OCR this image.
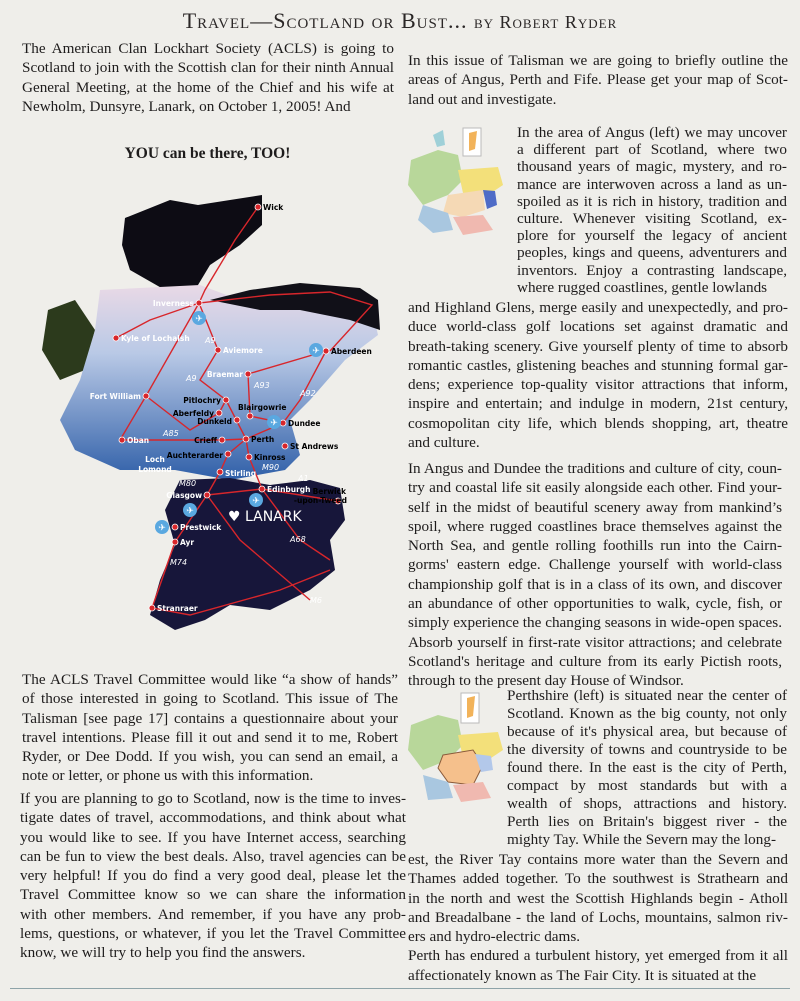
Travel—Scotland or Bust... by Robert Ryder
The American Clan Lockhart Society (ACLS) is going to
Scotland to join with the Scottish clan for their ninth Annual
General Meeting, at the home of the Chief and his wife at
Newholm, Dunsyre, Lanark, on October 1, 2005! And
YOU can be there, TOO!
Wick
Inverness
Kyle of Lochalsh
Aviemore	Aberdeen
Braemar
Fort William	Pitlochry
Aberfeldy
Blairgowrie
Dunkeld	Dundee
Oban	Crieff	Perth
St Andrews
Auchterarder	Kinross
Stirling
Glasgow
Edinburgh Berwick
-upon-Tweed
Prestwick
Ayr
Stranraer
Loch
Lomond
✈
✈
✈
✈
✈
✈
A9
A9
A93
A92
A85
M80
M90
M74
A68
M6
A1
♥ LANARK
The ACLS Travel Committee would like “a show of hands”
of those interested in going to Scotland. This issue of The
Talisman [see page 17] contains a questionnaire about your
travel intentions. Please fill it out and send it to me, Robert
Ryder, or Dee Dodd. If you wish, you can send an email, a
note or letter, or phone us with this information.
If you are planning to go to Scotland, now is the time to inves-
tigate dates of travel, accommodations, and think about what
you would like to see. If you have Internet access, searching
can be fun to view the best deals. Also, travel agencies can be
very helpful! If you do find a very good deal, please let the
Travel Committee know so we can share the information
with other members. And remember, if you have any prob-
lems, questions, or whatever, if you let the Travel Committee
know, we will try to help you find the answers.
In this issue of Talisman we are going to briefly outline the
areas of Angus, Perth and Fife. Please get your map of Scot-
land out and investigate.
In the area of Angus (left) we may uncover
a different part of Scotland, where two
thousand years of magic, mystery, and ro-
mance are interwoven across a land as un-
spoiled as it is rich in history, tradition and
culture. Whenever visiting Scotland, ex-
plore for yourself the legacy of ancient
peoples, kings and queens, adventurers and
inventors. Enjoy a contrasting landscape,
where rugged coastlines, gentle lowlands
and Highland Glens, merge easily and unexpectedly, and pro-
duce world-class golf locations set against dramatic and
breath-taking scenery. Give yourself plenty of time to absorb
romantic castles, glistening beaches and stunning formal gar-
dens; experience top-quality visitor attractions that inform,
inspire and entertain; and indulge in modern, 21st century,
cosmopolitan city life, which blends shopping, art, theatre
and culture.
In Angus and Dundee the traditions and culture of city, coun-
try and coastal life sit easily alongside each other. Find your-
self in the midst of beautiful scenery away from mankind’s
spoil, where rugged coastlines brace themselves against the
North Sea, and gentle rolling foothills run into the Cairn-
gorms' eastern edge. Challenge yourself with world-class
championship golf that is in a class of its own, and discover
an abundance of other opportunities to walk, cycle, fish, or
simply experience the changing seasons in wide-open spaces.
Absorb yourself in first-rate visitor attractions; and celebrate
Scotland's heritage and culture from its early Pictish roots,
through to the present day House of Windsor.
Perthshire (left) is situated near the center of
Scotland. Known as the big county, not only
because of it's physical area, but because of
the diversity of towns and countryside to be
found there. In the east is the city of Perth,
compact by most standards but with a
wealth of shops, attractions and history.
Perth lies on Britain's biggest river - the
mighty Tay. While the Severn may the long-
est, the River Tay contains more water than the Severn and
Thames added together. To the southwest is Strathearn and
in the north and west the Scottish Highlands begin - Atholl
and Breadalbane - the land of Lochs, mountains, salmon riv-
ers and hydro-electric dams.
Perth has endured a turbulent history, yet emerged from it all
affectionately known as The Fair City. It is situated at the
